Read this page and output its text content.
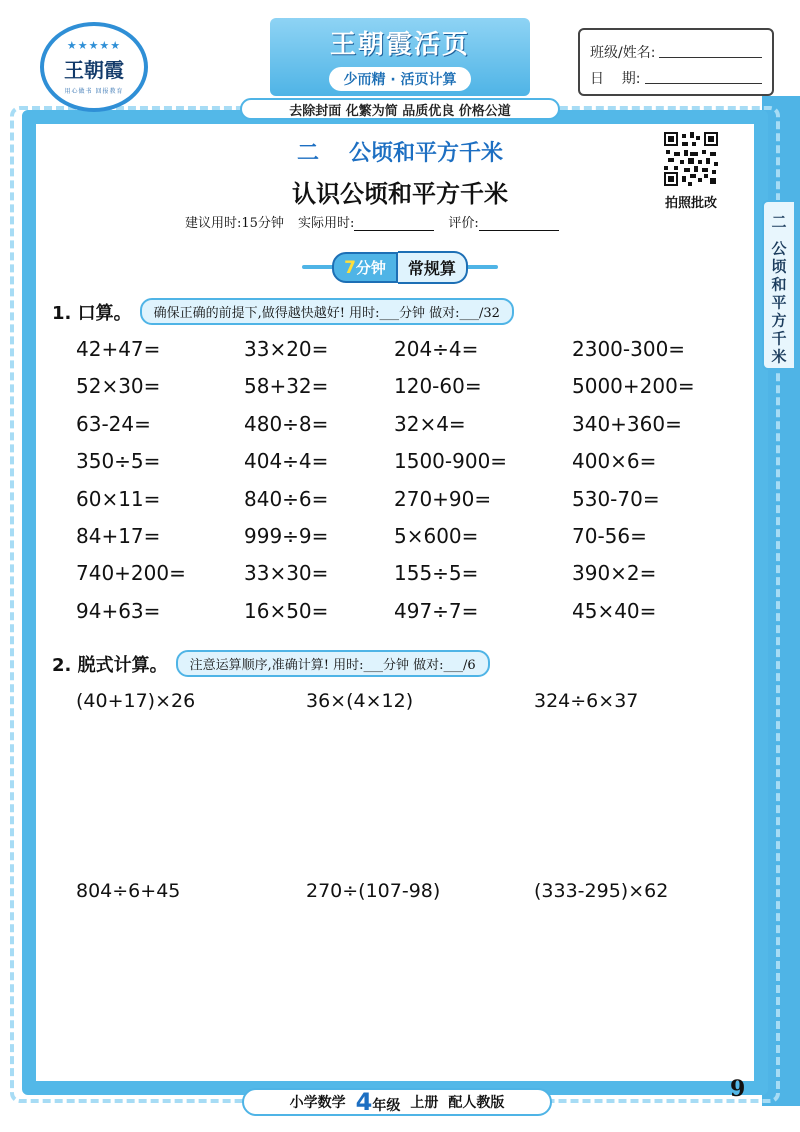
二 公顷和平方千米
★★★★★
王朝霞
用心做书 回报教育
王朝霞活页
少而精 · 活页计算
去除封面 化繁为简 品质优良 价格公道
班级/姓名:
日    期:
拍照批改
二 公顷和平方千米
认识公顷和平方千米
建议用时:15分钟 实际用时:	评价:
7分钟	常规算
1. 口算。	确保正确的前提下,做得越快越好! 用时:___分钟 做对:___/32
42+47=	33×20=	204÷4=	2300-300=
52×30=	58+32=	120-60=	5000+200=
63-24=	480÷8=	32×4=	340+360=
350÷5=	404÷4=	1500-900=	400×6=
60×11=	840÷6=	270+90=	530-70=
84+17=	999÷9=	5×600=	70-56=
740+200=	33×30=	155÷5=	390×2=
94+63=	16×50=	497÷7=	45×40=
2. 脱式计算。	注意运算顺序,准确计算! 用时:___分钟 做对:___/6
(40+17)×26	36×(4×12)	324÷6×37
804÷6+45	270÷(107-98)	(333-295)×62
小学数学 4年级 上册 配人教版
9
